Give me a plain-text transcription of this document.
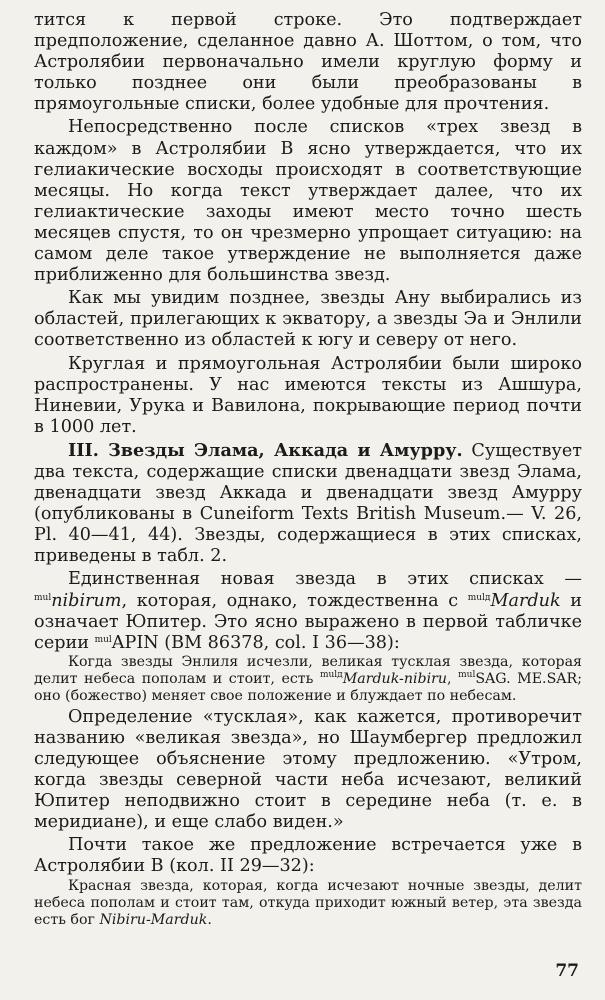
тится к первой строке. Это подтверждает предположение, сделанное давно А. Шоттом, о том, что Астролябии первоначально имели круглую форму и только позднее они были преобразованы в прямоугольные списки, более удобные для прочтения.

Непосредственно после списков «трех звезд в каждом» в Астролябии В ясно утверждается, что их гелиакические восходы происходят в соответствующие месяцы. Но когда текст утверждает далее, что их гелиактические заходы имеют место точно шесть месяцев спустя, то он чрезмерно упрощает ситуацию: на самом деле такое утверждение не выполняется даже приближенно для большинства звезд.

Как мы увидим позднее, звезды Ану выбирались из областей, прилегающих к экватору, а звезды Эа и Энлили соответственно из областей к югу и северу от него.

Круглая и прямоугольная Астролябии были широко распространены. У нас имеются тексты из Ашшура, Ниневии, Урука и Вавилона, покрывающие период почти в 1000 лет.

III. Звезды Элама, Аккада и Амурру. Существует два текста, содержащие списки двенадцати звезд Элама, двенадцати звезд Аккада и двенадцати звезд Амурру (опубликованы в Cuneiform Texts British Museum.— V. 26, Pl. 40—41, 44). Звезды, содержащиеся в этих списках, приведены в табл. 2.

Единственная новая звезда в этих списках —$^{mul}$nibirum, которая, однако, тождественна с $^{mulд}$Marduk и означает Юпитер. Это ясно выражено в первой табличке серии $^{mul}$APIN (BM 86378, col. I 36—38):

Когда звезды Энлиля исчезли, великая тусклая звезда, которая делит небеса пополам и стоит, есть $^{mulд}$Marduk-nibiru, $^{mul}$SAG. ME.SAR; оно (божество) меняет свое положение и блуждает по небесам.

Определение «тусклая», как кажется, противоречит названию «великая звезда», но Шаумбергер предложил следующее объяснение этому предложению. «Утром, когда звезды северной части неба исчезают, великий Юпитер неподвижно стоит в середине неба (т. е. в меридиане), и еще слабо виден.»

Почти такое же предложение встречается уже в Астролябии В (кол. II 29—32):

Красная звезда, которая, когда исчезают ночные звезды, делит небеса пополам и стоит там, откуда приходит южный ветер, эта звезда есть бог Nibiru-Marduk.

77
